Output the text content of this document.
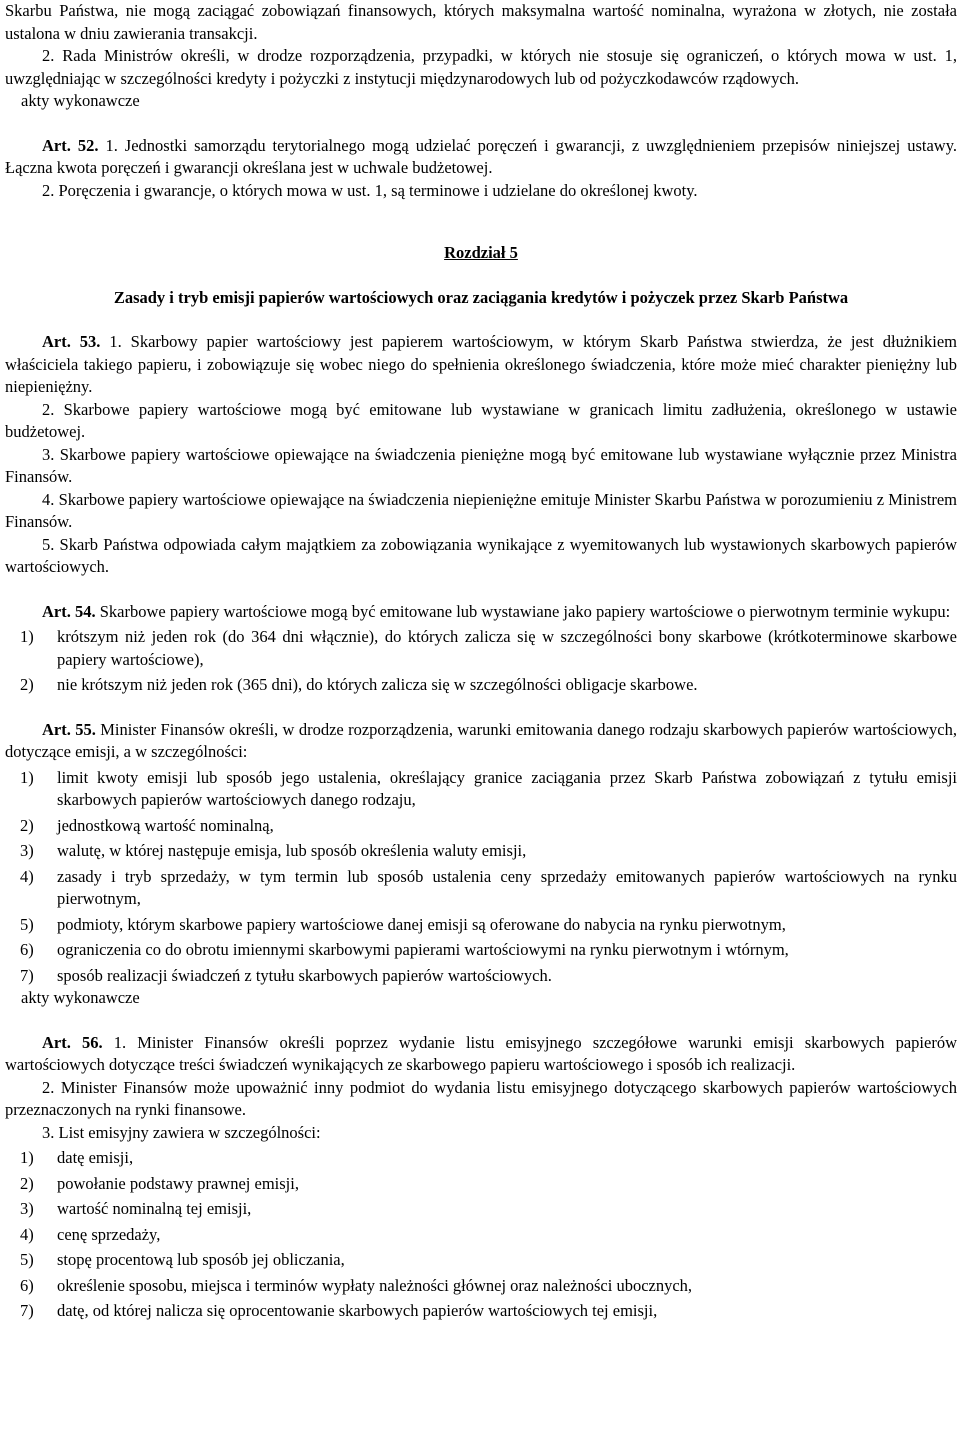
Skarbu Państwa, nie mogą zaciągać zobowiązań finansowych, których maksymalna wartość nominalna, wyrażona w złotych, nie została ustalona w dniu zawierania transakcji.

2. Rada Ministrów określi, w drodze rozporządzenia, przypadki, w których nie stosuje się ograniczeń, o których mowa w ust. 1, uwzględniając w szczególności kredyty i pożyczki z instytucji międzynarodowych lub od pożyczkodawców rządowych.

akty wykonawcze

Art. 52. 1. Jednostki samorządu terytorialnego mogą udzielać poręczeń i gwarancji, z uwzględnieniem przepisów niniejszej ustawy. Łączna kwota poręczeń i gwarancji określana jest w uchwale budżetowej.

2. Poręczenia i gwarancje, o których mowa w ust. 1, są terminowe i udzielane do określonej kwoty.

Rozdział 5

Zasady i tryb emisji papierów wartościowych oraz zaciągania kredytów i pożyczek przez Skarb Państwa

Art. 53. 1. Skarbowy papier wartościowy jest papierem wartościowym, w którym Skarb Państwa stwierdza, że jest dłużnikiem właściciela takiego papieru, i zobowiązuje się wobec niego do spełnienia określonego świadczenia, które może mieć charakter pieniężny lub niepieniężny.

2. Skarbowe papiery wartościowe mogą być emitowane lub wystawiane w granicach limitu zadłużenia, określonego w ustawie budżetowej.

3. Skarbowe papiery wartościowe opiewające na świadczenia pieniężne mogą być emitowane lub wystawiane wyłącznie przez Ministra Finansów.

4. Skarbowe papiery wartościowe opiewające na świadczenia niepieniężne emituje Minister Skarbu Państwa w porozumieniu z Ministrem Finansów.

5. Skarb Państwa odpowiada całym majątkiem za zobowiązania wynikające z wyemitowanych lub wystawionych skarbowych papierów wartościowych.

Art. 54. Skarbowe papiery wartościowe mogą być emitowane lub wystawiane jako papiery wartościowe o pierwotnym terminie wykupu:

1)	krótszym niż jeden rok (do 364 dni włącznie), do których zalicza się w szczególności bony skarbowe (krótkoterminowe skarbowe papiery wartościowe),
2)	nie krótszym niż jeden rok (365 dni), do których zalicza się w szczególności obligacje skarbowe.

Art. 55. Minister Finansów określi, w drodze rozporządzenia, warunki emitowania danego rodzaju skarbowych papierów wartościowych, dotyczące emisji, a w szczególności:

1)	limit kwoty emisji lub sposób jego ustalenia, określający granice zaciągania przez Skarb Państwa zobowiązań z tytułu emisji skarbowych papierów wartościowych danego rodzaju,
2)	jednostkową wartość nominalną,
3)	walutę, w której następuje emisja, lub sposób określenia waluty emisji,
4)	zasady i tryb sprzedaży, w tym termin lub sposób ustalenia ceny sprzedaży emitowanych papierów wartościowych na rynku pierwotnym,
5)	podmioty, którym skarbowe papiery wartościowe danej emisji są oferowane do nabycia na rynku pierwotnym,
6)	ograniczenia co do obrotu imiennymi skarbowymi papierami wartościowymi na rynku pierwotnym i wtórnym,
7)	sposób realizacji świadczeń z tytułu skarbowych papierów wartościowych.

akty wykonawcze

Art. 56. 1. Minister Finansów określi poprzez wydanie listu emisyjnego szczegółowe warunki emisji skarbowych papierów wartościowych dotyczące treści świadczeń wynikających ze skarbowego papieru wartościowego i sposób ich realizacji.

2. Minister Finansów może upoważnić inny podmiot do wydania listu emisyjnego dotyczącego skarbowych papierów wartościowych przeznaczonych na rynki finansowe.

3. List emisyjny zawiera w szczególności:

1)	datę emisji,
2)	powołanie podstawy prawnej emisji,
3)	wartość nominalną tej emisji,
4)	cenę sprzedaży,
5)	stopę procentową lub sposób jej obliczania,
6)	określenie sposobu, miejsca i terminów wypłaty należności głównej oraz należności ubocznych,
7)	datę, od której nalicza się oprocentowanie skarbowych papierów wartościowych tej emisji,
